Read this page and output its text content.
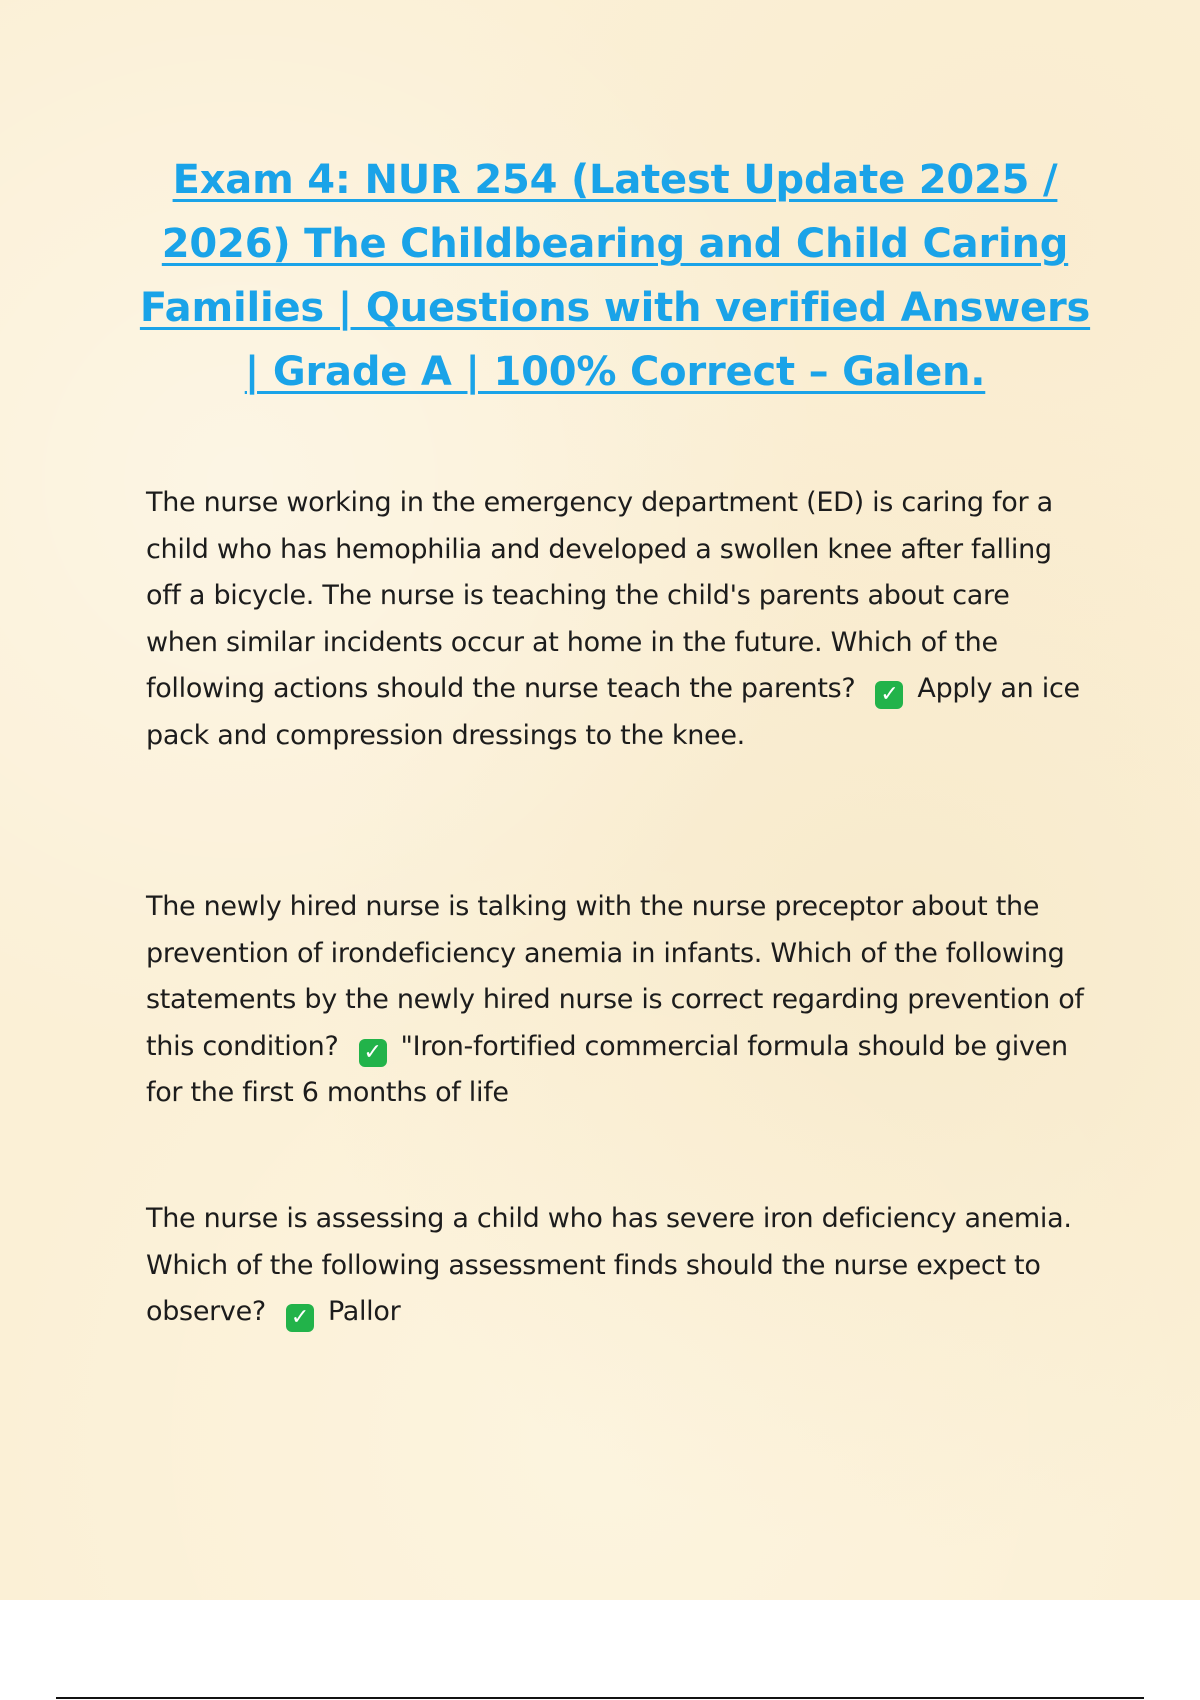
Exam 4: NUR 254 (Latest Update 2025 / 2026) The Childbearing and Child Caring Families | Questions with verified Answers | Grade A | 100% Correct – Galen.

The nurse working in the emergency department (ED) is caring for a child who has hemophilia and developed a swollen knee after falling off a bicycle. The nurse is teaching the child's parents about care when similar incidents occur at home in the future. Which of the following actions should the nurse teach the parents? ✓ Apply an ice pack and compression dressings to the knee.

The newly hired nurse is talking with the nurse preceptor about the prevention of irondeficiency anemia in infants. Which of the following statements by the newly hired nurse is correct regarding prevention of this condition? ✓ "Iron-fortified commercial formula should be given for the first 6 months of life

The nurse is assessing a child who has severe iron deficiency anemia. Which of the following assessment finds should the nurse expect to observe? ✓ Pallor
